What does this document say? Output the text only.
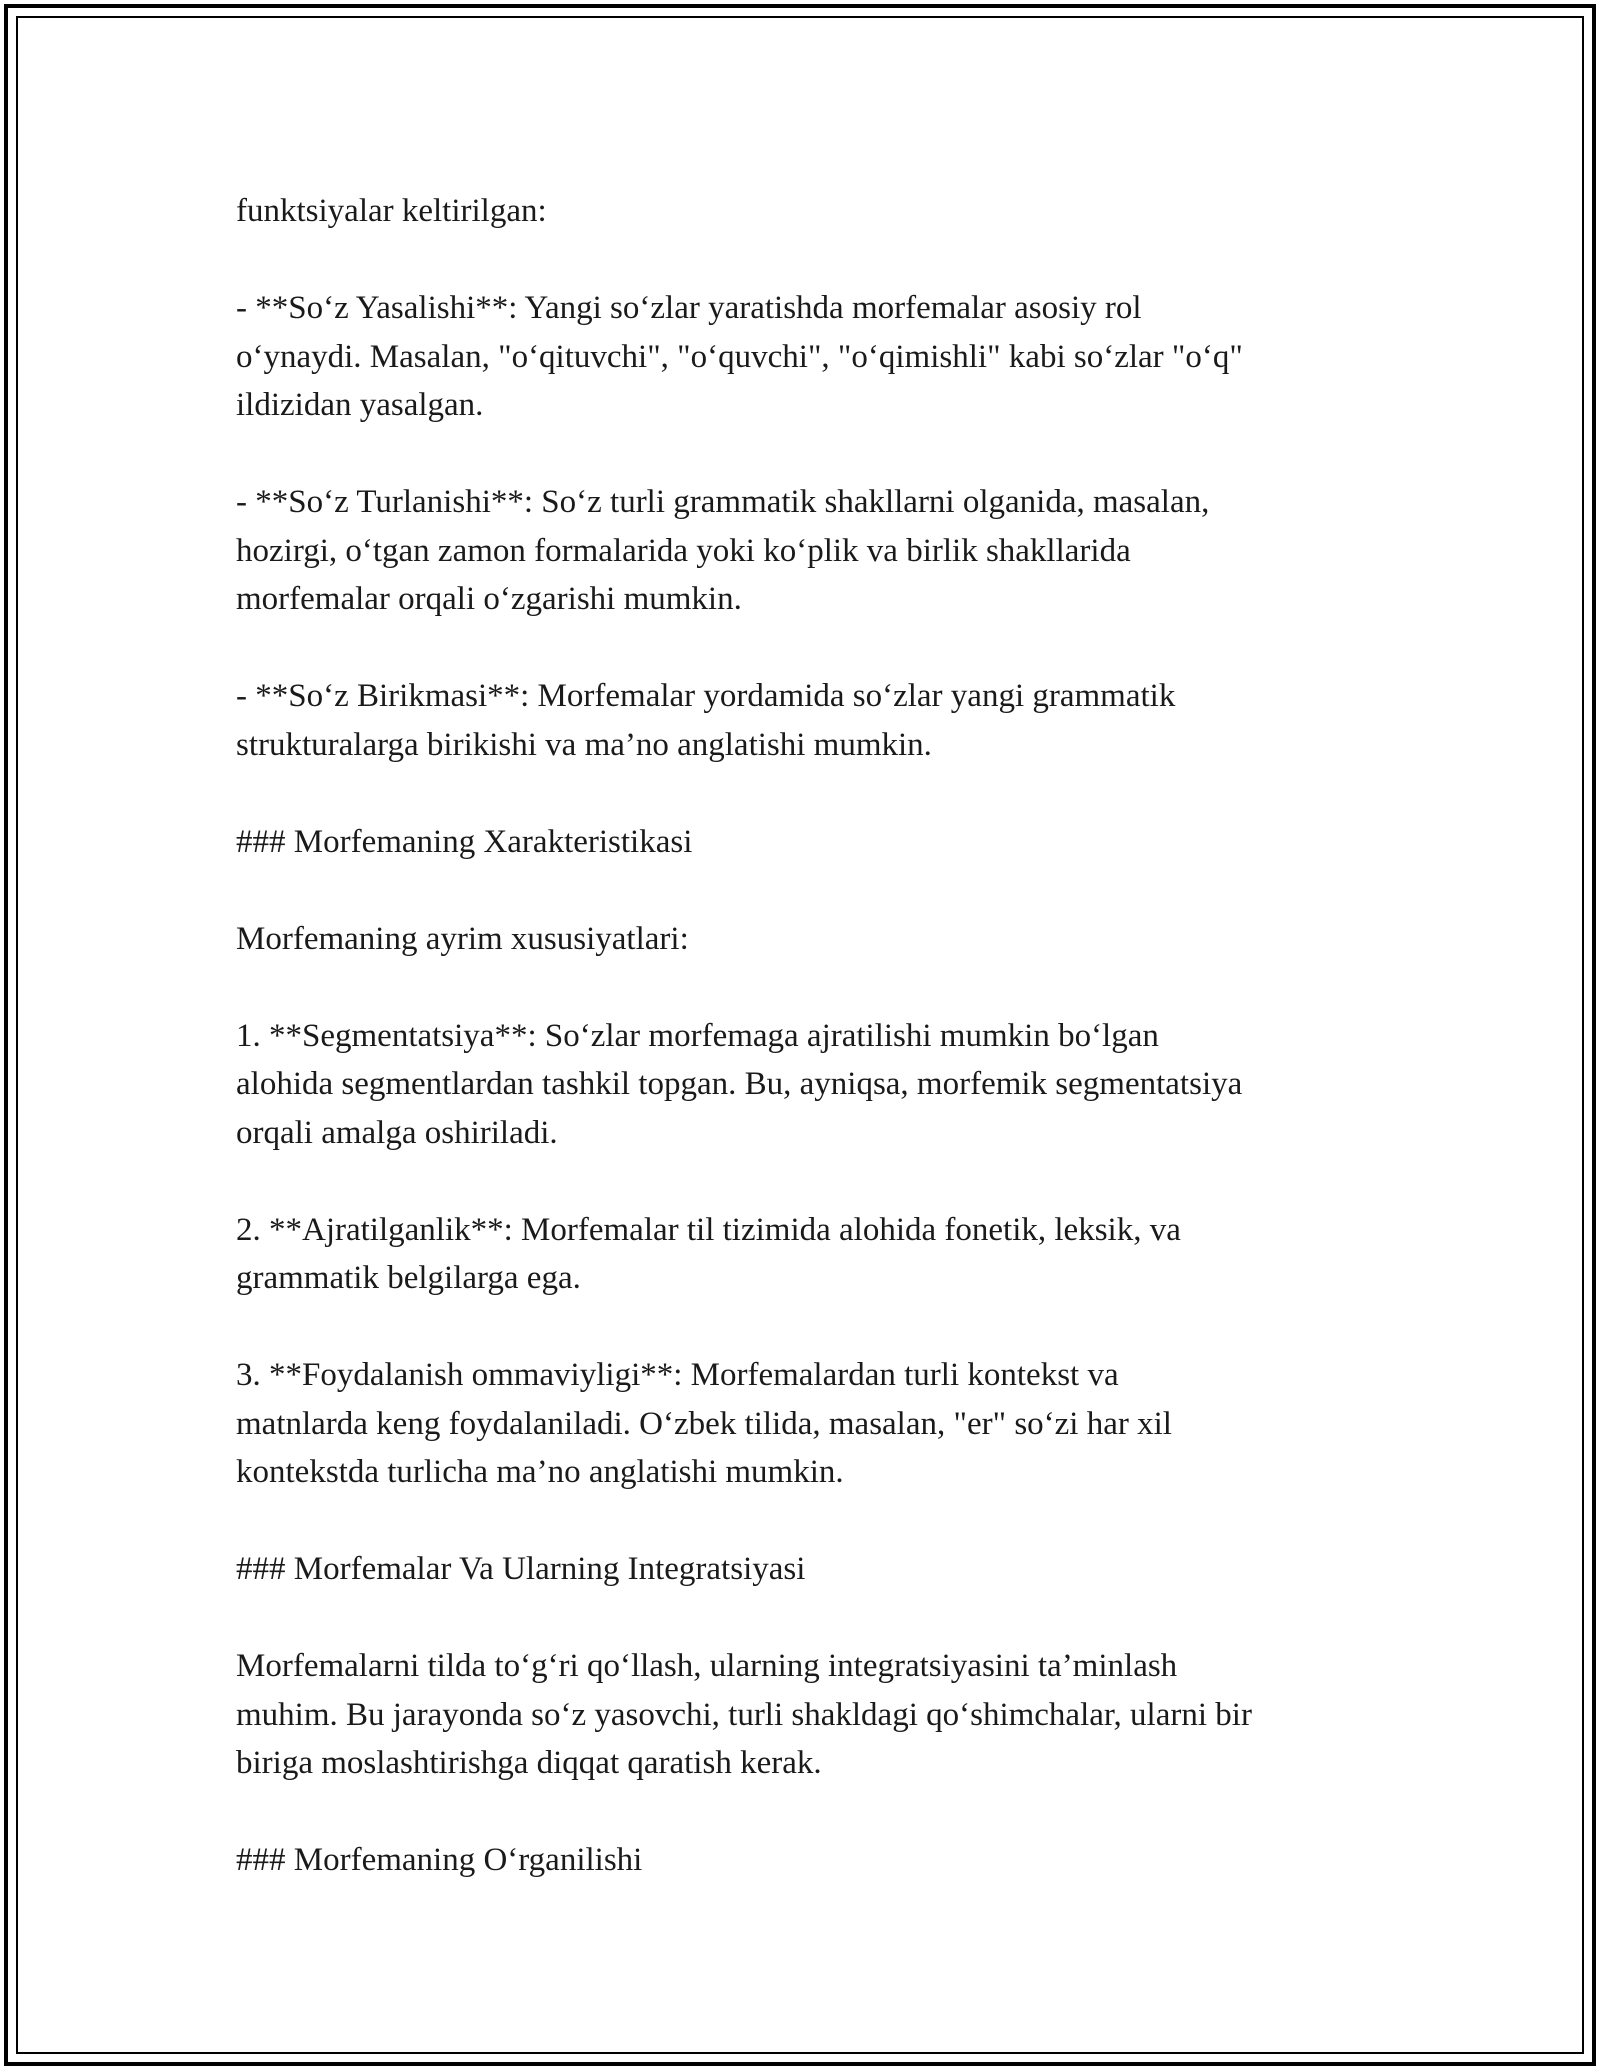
funktsiyalar keltirilgan:

- **So‘z Yasalishi**: Yangi so‘zlar yaratishda morfemalar asosiy rol
o‘ynaydi. Masalan, "o‘qituvchi", "o‘quvchi", "o‘qimishli" kabi so‘zlar "o‘q"
ildizidan yasalgan.

- **So‘z Turlanishi**: So‘z turli grammatik shakllarni olganida, masalan,
hozirgi, o‘tgan zamon formalarida yoki ko‘plik va birlik shakllarida
morfemalar orqali o‘zgarishi mumkin.

- **So‘z Birikmasi**: Morfemalar yordamida so‘zlar yangi grammatik
strukturalarga birikishi va ma’no anglatishi mumkin.

### Morfemaning Xarakteristikasi

Morfemaning ayrim xususiyatlari:

1. **Segmentatsiya**: So‘zlar morfemaga ajratilishi mumkin bo‘lgan
alohida segmentlardan tashkil topgan. Bu, ayniqsa, morfemik segmentatsiya
orqali amalga oshiriladi.

2. **Ajratilganlik**: Morfemalar til tizimida alohida fonetik, leksik, va
grammatik belgilarga ega.

3. **Foydalanish ommaviyligi**: Morfemalardan turli kontekst va
matnlarda keng foydalaniladi. O‘zbek tilida, masalan, "er" so‘zi har xil
kontekstda turlicha ma’no anglatishi mumkin.

### Morfemalar Va Ularning Integratsiyasi

Morfemalarni tilda to‘g‘ri qo‘llash, ularning integratsiyasini ta’minlash
muhim. Bu jarayonda so‘z yasovchi, turli shakldagi qo‘shimchalar, ularni bir
biriga moslashtirishga diqqat qaratish kerak.

### Morfemaning O‘rganilishi
